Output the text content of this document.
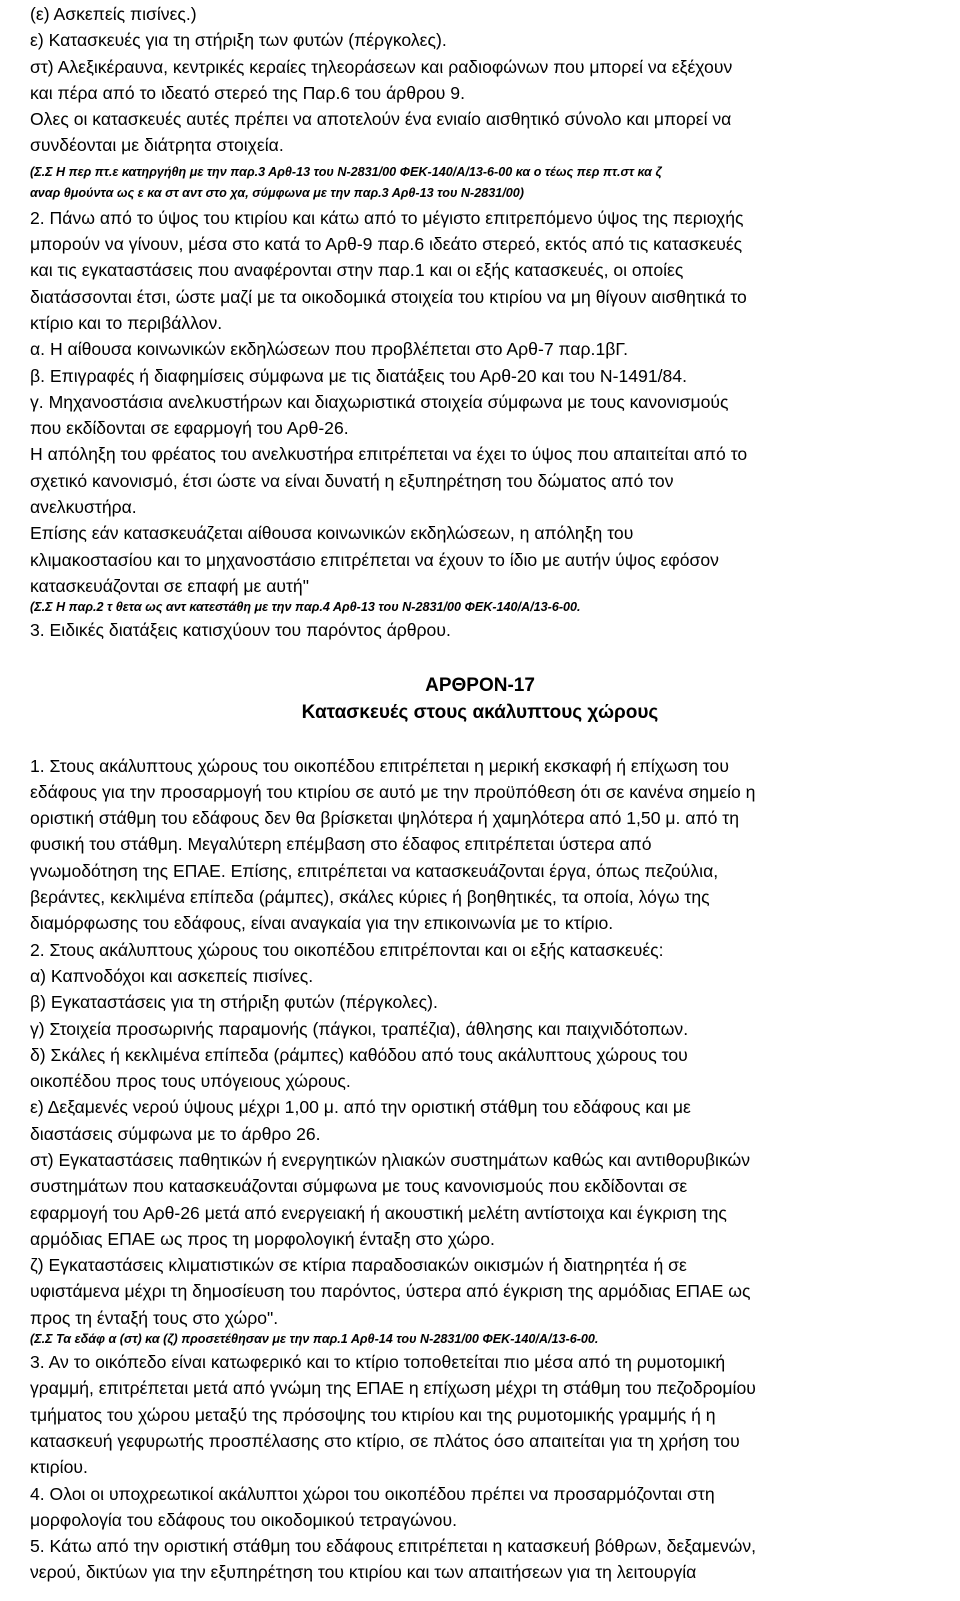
(ε) Ασκεπείς πισίνες.)

ε) Κατασκευές για τη στήριξη των φυτών (πέργκολες).

στ) Αλεξικέραυνα, κεντρικές κεραίες τηλεοράσεων και ραδιοφώνων που μπορεί να εξέχουν

και πέρα από το ιδεατό στερεό της Παρ.6 του άρθρου 9.

Ολες οι κατασκευές αυτές πρέπει να αποτελούν ένα ενιαίο αισθητικό σύνολο και μπορεί να

συνδέονται με διάτρητα στοιχεία.

(Σ.Σ Η περ πτ.ε κατηργήθη με την παρ.3 Αρθ-13 του Ν-2831/00 ΦΕΚ-140/Α/13-6-00 κα ο τέως περ πτ.στ κα ζ

αναρ θμούντα ως ε κα στ αντ στο χα, σύμφωνα με την παρ.3 Αρθ-13 του Ν-2831/00)

2. Πάνω από το ύψος του κτιρίου και κάτω από το μέγιστο επιτρεπόμενο ύψος της περιοχής

μπορούν να γίνουν, μέσα στο κατά το Αρθ-9 παρ.6 ιδεάτο στερεό, εκτός από τις κατασκευές

και τις εγκαταστάσεις που αναφέρονται στην παρ.1 και οι εξής κατασκευές, οι οποίες

διατάσσονται έτσι, ώστε μαζί με τα οικοδομικά στοιχεία του κτιρίου να μη θίγουν αισθητικά το

κτίριο και το περιβάλλον.

α. Η αίθουσα κοινωνικών εκδηλώσεων που προβλέπεται στο Αρθ-7 παρ.1βΓ.

β. Επιγραφές ή διαφημίσεις σύμφωνα με τις διατάξεις του Αρθ-20 και του Ν-1491/84.

γ. Μηχανοστάσια ανελκυστήρων και διαχωριστικά στοιχεία σύμφωνα με τους κανονισμούς

που εκδίδονται σε εφαρμογή του Αρθ-26.

Η απόληξη του φρέατος του ανελκυστήρα επιτρέπεται να έχει το ύψος που απαιτείται από το

σχετικό κανονισμό, έτσι ώστε να είναι δυνατή η εξυπηρέτηση του δώματος από τον

ανελκυστήρα.

Επίσης εάν κατασκευάζεται αίθουσα κοινωνικών εκδηλώσεων, η απόληξη του

κλιμακοστασίου και το μηχανοστάσιο επιτρέπεται να έχουν το ίδιο με αυτήν ύψος εφόσον

κατασκευάζονται σε επαφή με αυτή"

(Σ.Σ Η παρ.2 τ θετα ως αντ κατεστάθη με την παρ.4 Αρθ-13 του Ν-2831/00 ΦΕΚ-140/Α/13-6-00.

3. Ειδικές διατάξεις κατισχύουν του παρόντος άρθρου.

ΑΡΘΡΟΝ-17

Κατασκευές στους ακάλυπτους χώρους

1. Στους ακάλυπτους χώρους του οικοπέδου επιτρέπεται η μερική εκσκαφή ή επίχωση του

εδάφους για την προσαρμογή του κτιρίου σε αυτό με την προϋπόθεση ότι σε κανένα σημείο η

οριστική στάθμη του εδάφους δεν θα βρίσκεται ψηλότερα ή χαμηλότερα από 1,50 μ. από τη

φυσική του στάθμη. Μεγαλύτερη επέμβαση στο έδαφος επιτρέπεται ύστερα από

γνωμοδότηση της ΕΠΑΕ. Επίσης, επιτρέπεται να κατασκευάζονται έργα, όπως πεζούλια,

βεράντες, κεκλιμένα επίπεδα (ράμπες), σκάλες κύριες ή βοηθητικές, τα οποία, λόγω της

διαμόρφωσης του εδάφους, είναι αναγκαία για την επικοινωνία με το κτίριο.

2. Στους ακάλυπτους χώρους του οικοπέδου επιτρέπονται και οι εξής κατασκευές:

α) Καπνοδόχοι και ασκεπείς πισίνες.

β) Εγκαταστάσεις για τη στήριξη φυτών (πέργκολες).

γ) Στοιχεία προσωρινής παραμονής (πάγκοι, τραπέζια), άθλησης και παιχνιδότοπων.

δ) Σκάλες ή κεκλιμένα επίπεδα (ράμπες) καθόδου από τους ακάλυπτους χώρους του

οικοπέδου προς τους υπόγειους χώρους.

ε) Δεξαμενές νερού ύψους μέχρι 1,00 μ. από την οριστική στάθμη του εδάφους και με

διαστάσεις σύμφωνα με το άρθρο 26.

στ) Εγκαταστάσεις παθητικών ή ενεργητικών ηλιακών συστημάτων καθώς και αντιθορυβικών

συστημάτων που κατασκευάζονται σύμφωνα με τους κανονισμούς που εκδίδονται σε

εφαρμογή του Αρθ-26 μετά από ενεργειακή ή ακουστική μελέτη αντίστοιχα και έγκριση της

αρμόδιας ΕΠΑΕ ως προς τη μορφολογική ένταξη στο χώρο.

ζ) Εγκαταστάσεις κλιματιστικών σε κτίρια παραδοσιακών οικισμών ή διατηρητέα ή σε

υφιστάμενα μέχρι τη δημοσίευση του παρόντος, ύστερα από έγκριση της αρμόδιας ΕΠΑΕ ως

προς τη ένταξή τους στο χώρο".

(Σ.Σ Τα εδάφ α (στ) κα (ζ) προσετέθησαν με την παρ.1 Αρθ-14 του Ν-2831/00 ΦΕΚ-140/Α/13-6-00.

3. Αν το οικόπεδο είναι κατωφερικό και το κτίριο τοποθετείται πιο μέσα από τη ρυμοτομική

γραμμή, επιτρέπεται μετά από γνώμη της ΕΠΑΕ η επίχωση μέχρι τη στάθμη του πεζοδρομίου

τμήματος του χώρου μεταξύ της πρόσοψης του κτιρίου και της ρυμοτομικής γραμμής ή η

κατασκευή γεφυρωτής προσπέλασης στο κτίριο, σε πλάτος όσο απαιτείται για τη χρήση του

κτιρίου.

4. Ολοι οι υποχρεωτικοί ακάλυπτοι χώροι του οικοπέδου πρέπει να προσαρμόζονται στη

μορφολογία του εδάφους του οικοδομικού τετραγώνου.

5. Κάτω από την οριστική στάθμη του εδάφους επιτρέπεται η κατασκευή βόθρων, δεξαμενών,

νερού, δικτύων για την εξυπηρέτηση του κτιρίου και των απαιτήσεων για τη λειτουργία
